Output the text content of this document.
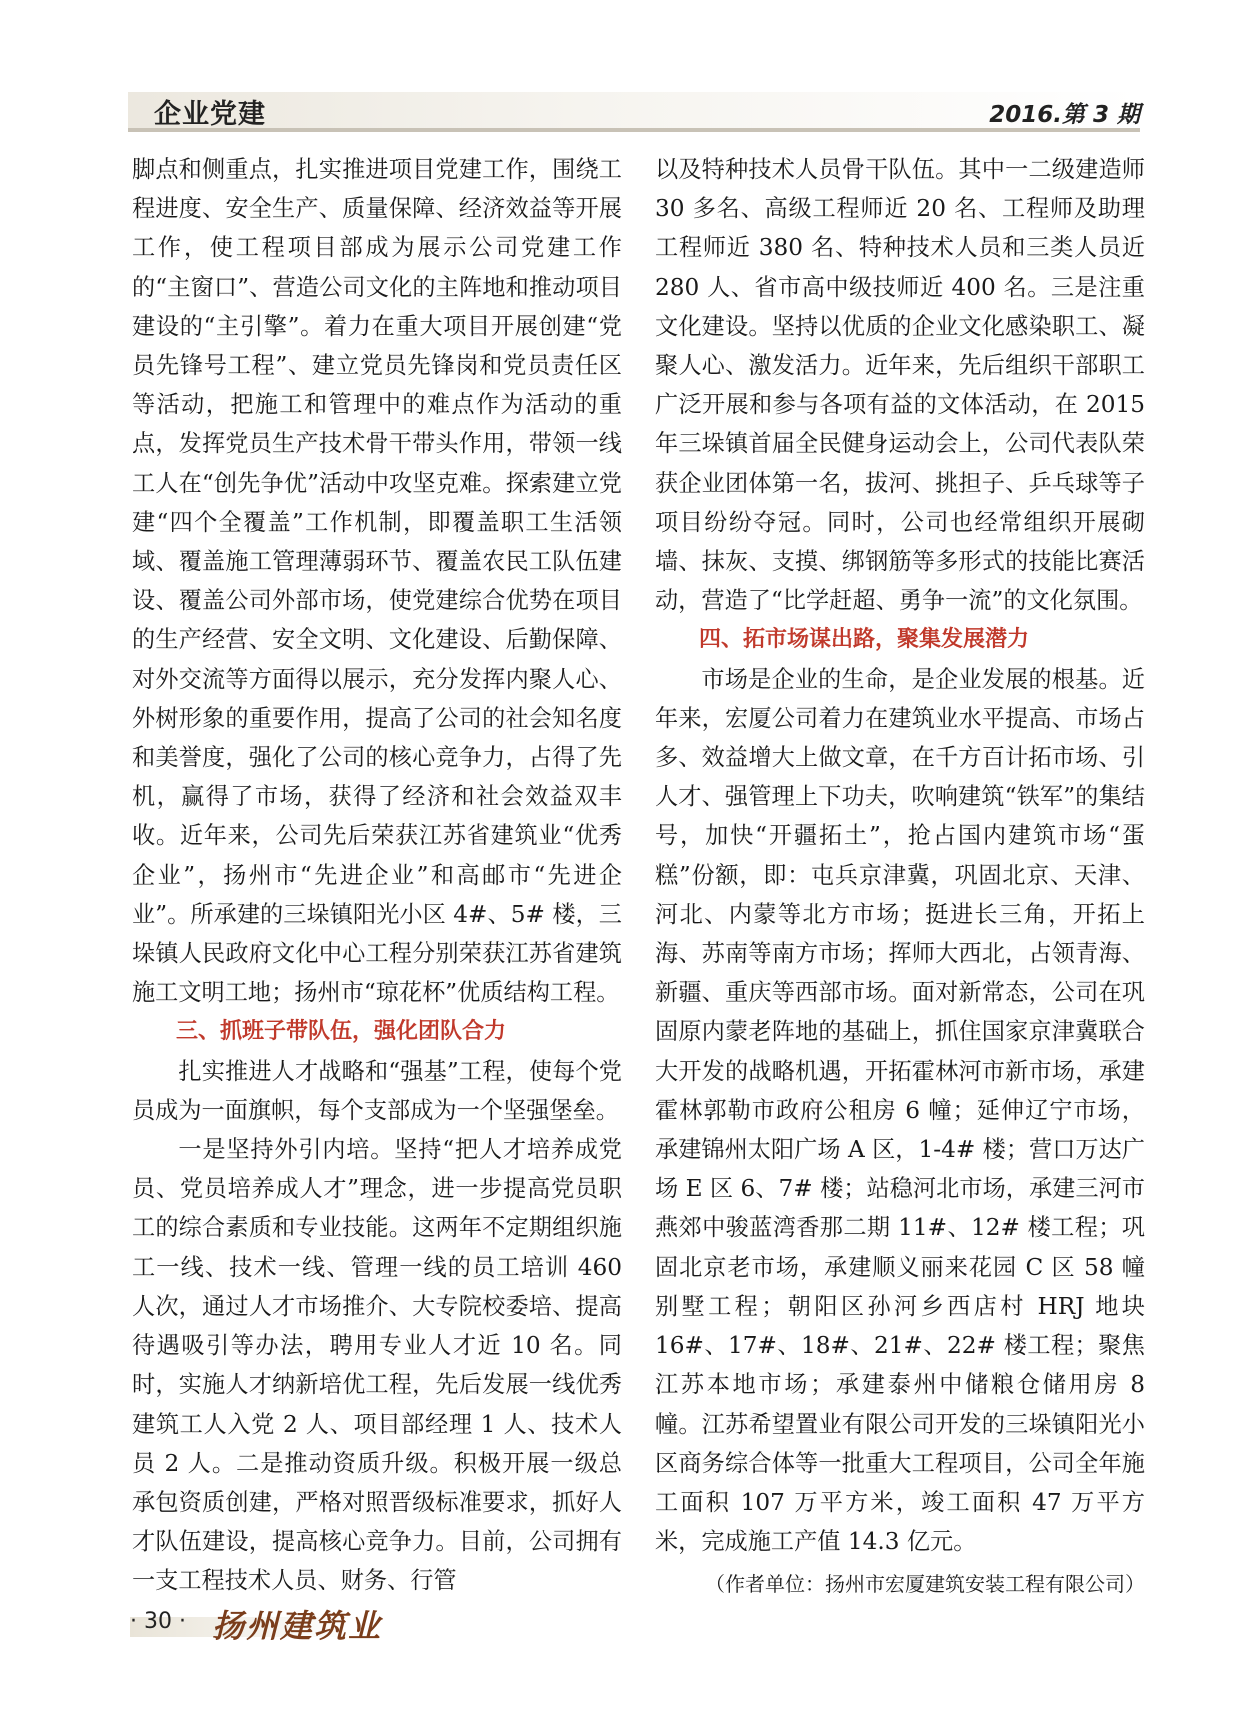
企业党建	2016.第 3 期

脚点和侧重点，扎实推进项目党建工作，围绕工程进度、安全生产、质量保障、经济效益等开展工作，使工程项目部成为展示公司党建工作的“主窗口”、营造公司文化的主阵地和推动项目建设的“主引擎”。着力在重大项目开展创建“党员先锋号工程”、建立党员先锋岗和党员责任区等活动，把施工和管理中的难点作为活动的重点，发挥党员生产技术骨干带头作用，带领一线工人在“创先争优”活动中攻坚克难。探索建立党建“四个全覆盖”工作机制，即覆盖职工生活领域、覆盖施工管理薄弱环节、覆盖农民工队伍建设、覆盖公司外部市场，使党建综合优势在项目的生产经营、安全文明、文化建设、后勤保障、对外交流等方面得以展示，充分发挥内聚人心、外树形象的重要作用，提高了公司的社会知名度和美誉度，强化了公司的核心竞争力，占得了先机，赢得了市场，获得了经济和社会效益双丰收。近年来，公司先后荣获江苏省建筑业“优秀企业”，扬州市“先进企业”和高邮市“先进企业”。所承建的三垛镇阳光小区 4#、5# 楼，三垛镇人民政府文化中心工程分别荣获江苏省建筑施工文明工地；扬州市“琼花杯”优质结构工程。

三、抓班子带队伍，强化团队合力

扎实推进人才战略和“强基”工程，使每个党员成为一面旗帜，每个支部成为一个坚强堡垒。

一是坚持外引内培。坚持“把人才培养成党员、党员培养成人才”理念，进一步提高党员职工的综合素质和专业技能。这两年不定期组织施工一线、技术一线、管理一线的员工培训 460 人次，通过人才市场推介、大专院校委培、提高待遇吸引等办法，聘用专业人才近 10 名。同时，实施人才纳新培优工程，先后发展一线优秀建筑工人入党 2 人、项目部经理 1 人、技术人员 2 人。二是推动资质升级。积极开展一级总承包资质创建，严格对照晋级标准要求，抓好人才队伍建设，提高核心竞争力。目前，公司拥有一支工程技术人员、财务、行管

以及特种技术人员骨干队伍。其中一二级建造师 30 多名、高级工程师近 20 名、工程师及助理工程师近 380 名、特种技术人员和三类人员近 280 人、省市高中级技师近 400 名。三是注重文化建设。坚持以优质的企业文化感染职工、凝聚人心、激发活力。近年来，先后组织干部职工广泛开展和参与各项有益的文体活动，在 2015 年三垛镇首届全民健身运动会上，公司代表队荣获企业团体第一名，拔河、挑担子、乒乓球等子项目纷纷夺冠。同时，公司也经常组织开展砌墙、抹灰、支摸、绑钢筋等多形式的技能比赛活动，营造了“比学赶超、勇争一流”的文化氛围。

四、拓市场谋出路，聚集发展潜力

市场是企业的生命，是企业发展的根基。近年来，宏厦公司着力在建筑业水平提高、市场占多、效益增大上做文章，在千方百计拓市场、引人才、强管理上下功夫，吹响建筑“铁军”的集结号，加快“开疆拓土”，抢占国内建筑市场“蛋糕”份额，即：屯兵京津冀，巩固北京、天津、河北、内蒙等北方市场；挺进长三角，开拓上海、苏南等南方市场；挥师大西北，占领青海、新疆、重庆等西部市场。面对新常态，公司在巩固原内蒙老阵地的基础上，抓住国家京津冀联合大开发的战略机遇，开拓霍林河市新市场，承建霍林郭勒市政府公租房 6 幢；延伸辽宁市场，承建锦州太阳广场 A 区，1-4# 楼；营口万达广场 E 区 6、7# 楼；站稳河北市场，承建三河市燕郊中骏蓝湾香那二期 11#、12# 楼工程；巩固北京老市场，承建顺义丽来花园 C 区 58 幢别墅工程；朝阳区孙河乡西店村 HRJ 地块 16#、17#、18#、21#、22# 楼工程；聚焦江苏本地市场；承建泰州中储粮仓储用房 8 幢。江苏希望置业有限公司开发的三垛镇阳光小区商务综合体等一批重大工程项目，公司全年施工面积 107 万平方米，竣工面积 47 万平方米，完成施工产值 14.3 亿元。

（作者单位：扬州市宏厦建筑安装工程有限公司）

· 30 · 扬州建筑业
